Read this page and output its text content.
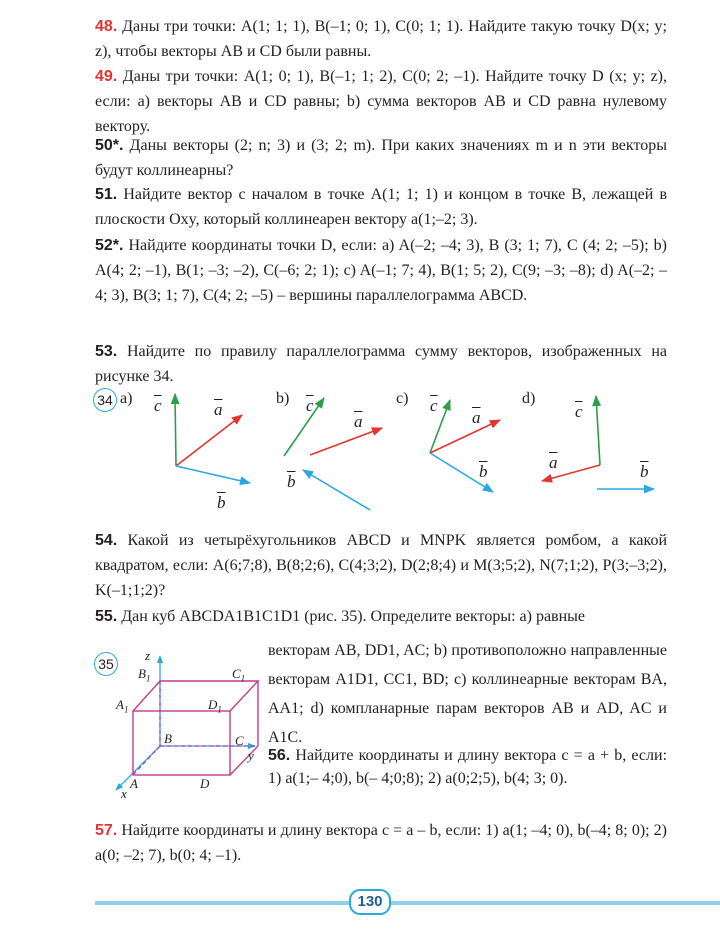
48. Даны три точки: A(1; 1; 1), B(–1; 0; 1), C(0; 1; 1). Найдите такую точку D(x; y; z), чтобы векторы AB и CD были равны.
49. Даны три точки: A(1; 0; 1), B(–1; 1; 2), C(0; 2; –1). Найдите точку D (x; y; z), если: a) векторы AB и CD равны; b) сумма векторов AB и CD равна нулевому вектору.
50*. Даны векторы (2; n; 3) и (3; 2; m). При каких значениях m и n эти векторы будут коллинеарны?
51. Найдите вектор с началом в точке A(1; 1; 1) и концом в точке B, лежащей в плоскости Oxy, который коллинеарен вектору a(1;–2; 3).
52*. Найдите координаты точки D, если: a) A(–2; –4; 3), B (3; 1; 7), C (4; 2; –5); b) A(4; 2; –1), B(1; –3; –2), C(–6; 2; 1); c) A(–1; 7; 4), B(1; 5; 2), C(9; –3; –8); d) A(–2; –4; 3), B(3; 1; 7), C(4; 2; –5) – вершины параллелограмма ABCD.
53. Найдите по правилу параллелограмма сумму векторов, изображенных на рисунке 34.
34 a)	b)	c)	d)
$\overline{c}$	$\overline{a}$
$\overline{b}$
$\overline{c}$
$\overline{a}$
$\overline{b}$
$\overline{c}$
$\overline{a}$
$\overline{b}$
$\overline{c}$
$\overline{a}$	$\overline{b}$
54. Какой из четырёхугольников ABCD и MNPK является ромбом, а какой квадратом, если: A(6;7;8), B(8;2;6), C(4;3;2), D(2;8;4) и M(3;5;2), N(7;1;2), P(3;–3;2), K(–1;1;2)?
55. Дан куб ABCDA1B1C1D1 (рис. 35). Определите векторы: а) равные
векторам AB, DD1, AC; b) противоположно направленные векторам A1D1, CC1, BD; c) коллинеарные векторам BA, AA1; d) компланарные парам векторов AB и AD, AC и A1C.
56. Найдите координаты и длину вектора c = a + b, если: 1) a(1;– 4;0), b(– 4;0;8); 2) a(0;2;5), b(4; 3; 0).
35
z
y
x
$B_1$	$C_1$
$A_1$	$D_1$
B	C
A	D
57. Найдите координаты и длину вектора c = a – b, если: 1) a(1; –4; 0), b(–4; 8; 0); 2) a(0; –2; 7), b(0; 4; –1).
130
